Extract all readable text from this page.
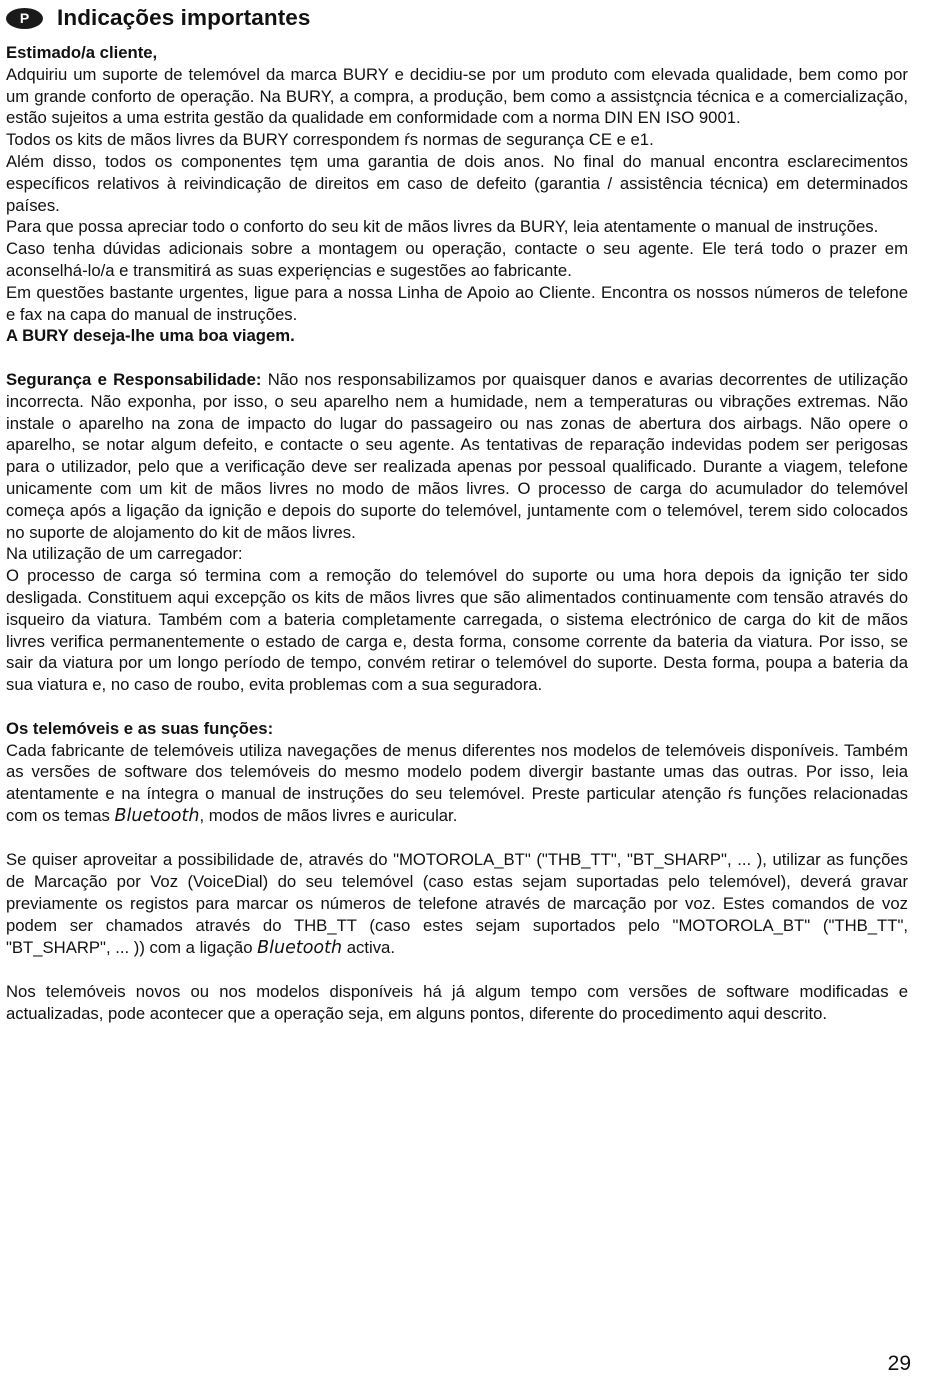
P	Indicações importantes

Estimado/a cliente,

Adquiriu um suporte de telemóvel da marca BURY e decidiu-se por um produto com elevada qualidade, bem como por um grande conforto de operação. Na BURY, a compra, a produção, bem como a assistçncia técnica e a comercialização, estão sujeitos a uma estrita gestão da qualidade em conformidade com a norma DIN EN ISO 9001.

Todos os kits de mãos livres da BURY correspondem ŕs normas de segurança CE e e1.

Além disso, todos os componentes tęm uma garantia de dois anos. No final do manual encontra esclarecimentos específicos relativos à reivindicação de direitos em caso de defeito (garantia / assistência técnica) em determinados países.

Para que possa apreciar todo o conforto do seu kit de mãos livres da BURY, leia atentamente o manual de instruções.

Caso tenha dúvidas adicionais sobre a montagem ou operação, contacte o seu agente. Ele terá todo o prazer em aconselhá-lo/a e transmitirá as suas experięncias e sugestões ao fabricante.

Em questões bastante urgentes, ligue para a nossa Linha de Apoio ao Cliente. Encontra os nossos números de telefone e fax na capa do manual de instruções.

A BURY deseja-lhe uma boa viagem.

Segurança e Responsabilidade: Não nos responsabilizamos por quaisquer danos e avarias decorrentes de utilização incorrecta. Não exponha, por isso, o seu aparelho nem a humidade, nem a temperaturas ou vibrações extremas. Não instale o aparelho na zona de impacto do lugar do passageiro ou nas zonas de abertura dos airbags. Não opere o aparelho, se notar algum defeito, e contacte o seu agente. As tentativas de reparação indevidas podem ser perigosas para o utilizador, pelo que a verificação deve ser realizada apenas por pessoal qualificado. Durante a viagem, telefone unicamente com um kit de mãos livres no modo de mãos livres. O processo de carga do acumulador do telemóvel começa após a ligação da ignição e depois do suporte do telemóvel, juntamente com o telemóvel, terem sido colocados no suporte de alojamento do kit de mãos livres.

Na utilização de um carregador:

O processo de carga só termina com a remoção do telemóvel do suporte ou uma hora depois da ignição ter sido desligada. Constituem aqui excepção os kits de mãos livres que são alimentados continuamente com tensão através do isqueiro da viatura. Também com a bateria completamente carregada, o sistema electrónico de carga do kit de mãos livres verifica permanentemente o estado de carga e, desta forma, consome corrente da bateria da viatura. Por isso, se sair da viatura por um longo período de tempo, convém retirar o telemóvel do suporte. Desta forma, poupa a bateria da sua viatura e, no caso de roubo, evita problemas com a sua seguradora.

Os telemóveis e as suas funções:

Cada fabricante de telemóveis utiliza navegações de menus diferentes nos modelos de telemóveis disponíveis. Também as versões de software dos telemóveis do mesmo modelo podem divergir bastante umas das outras. Por isso, leia atentamente e na íntegra o manual de instruções do seu telemóvel. Preste particular atenção ŕs funções relacionadas com os temas Bluetooth, modos de mãos livres e auricular.

Se quiser aproveitar a possibilidade de, através do "MOTOROLA_BT" ("THB_TT", "BT_SHARP", ... ), utilizar as funções de Marcação por Voz (VoiceDial) do seu telemóvel (caso estas sejam suportadas pelo telemóvel), deverá gravar previamente os registos para marcar os números de telefone através de marcação por voz. Estes comandos de voz podem ser chamados através do THB_TT (caso estes sejam suportados pelo "MOTOROLA_BT" ("THB_TT", "BT_SHARP", ... )) com a ligação Bluetooth activa.

Nos telemóveis novos ou nos modelos disponíveis há já algum tempo com versões de software modificadas e actualizadas, pode acontecer que a operação seja, em alguns pontos, diferente do procedimento aqui descrito.

29
